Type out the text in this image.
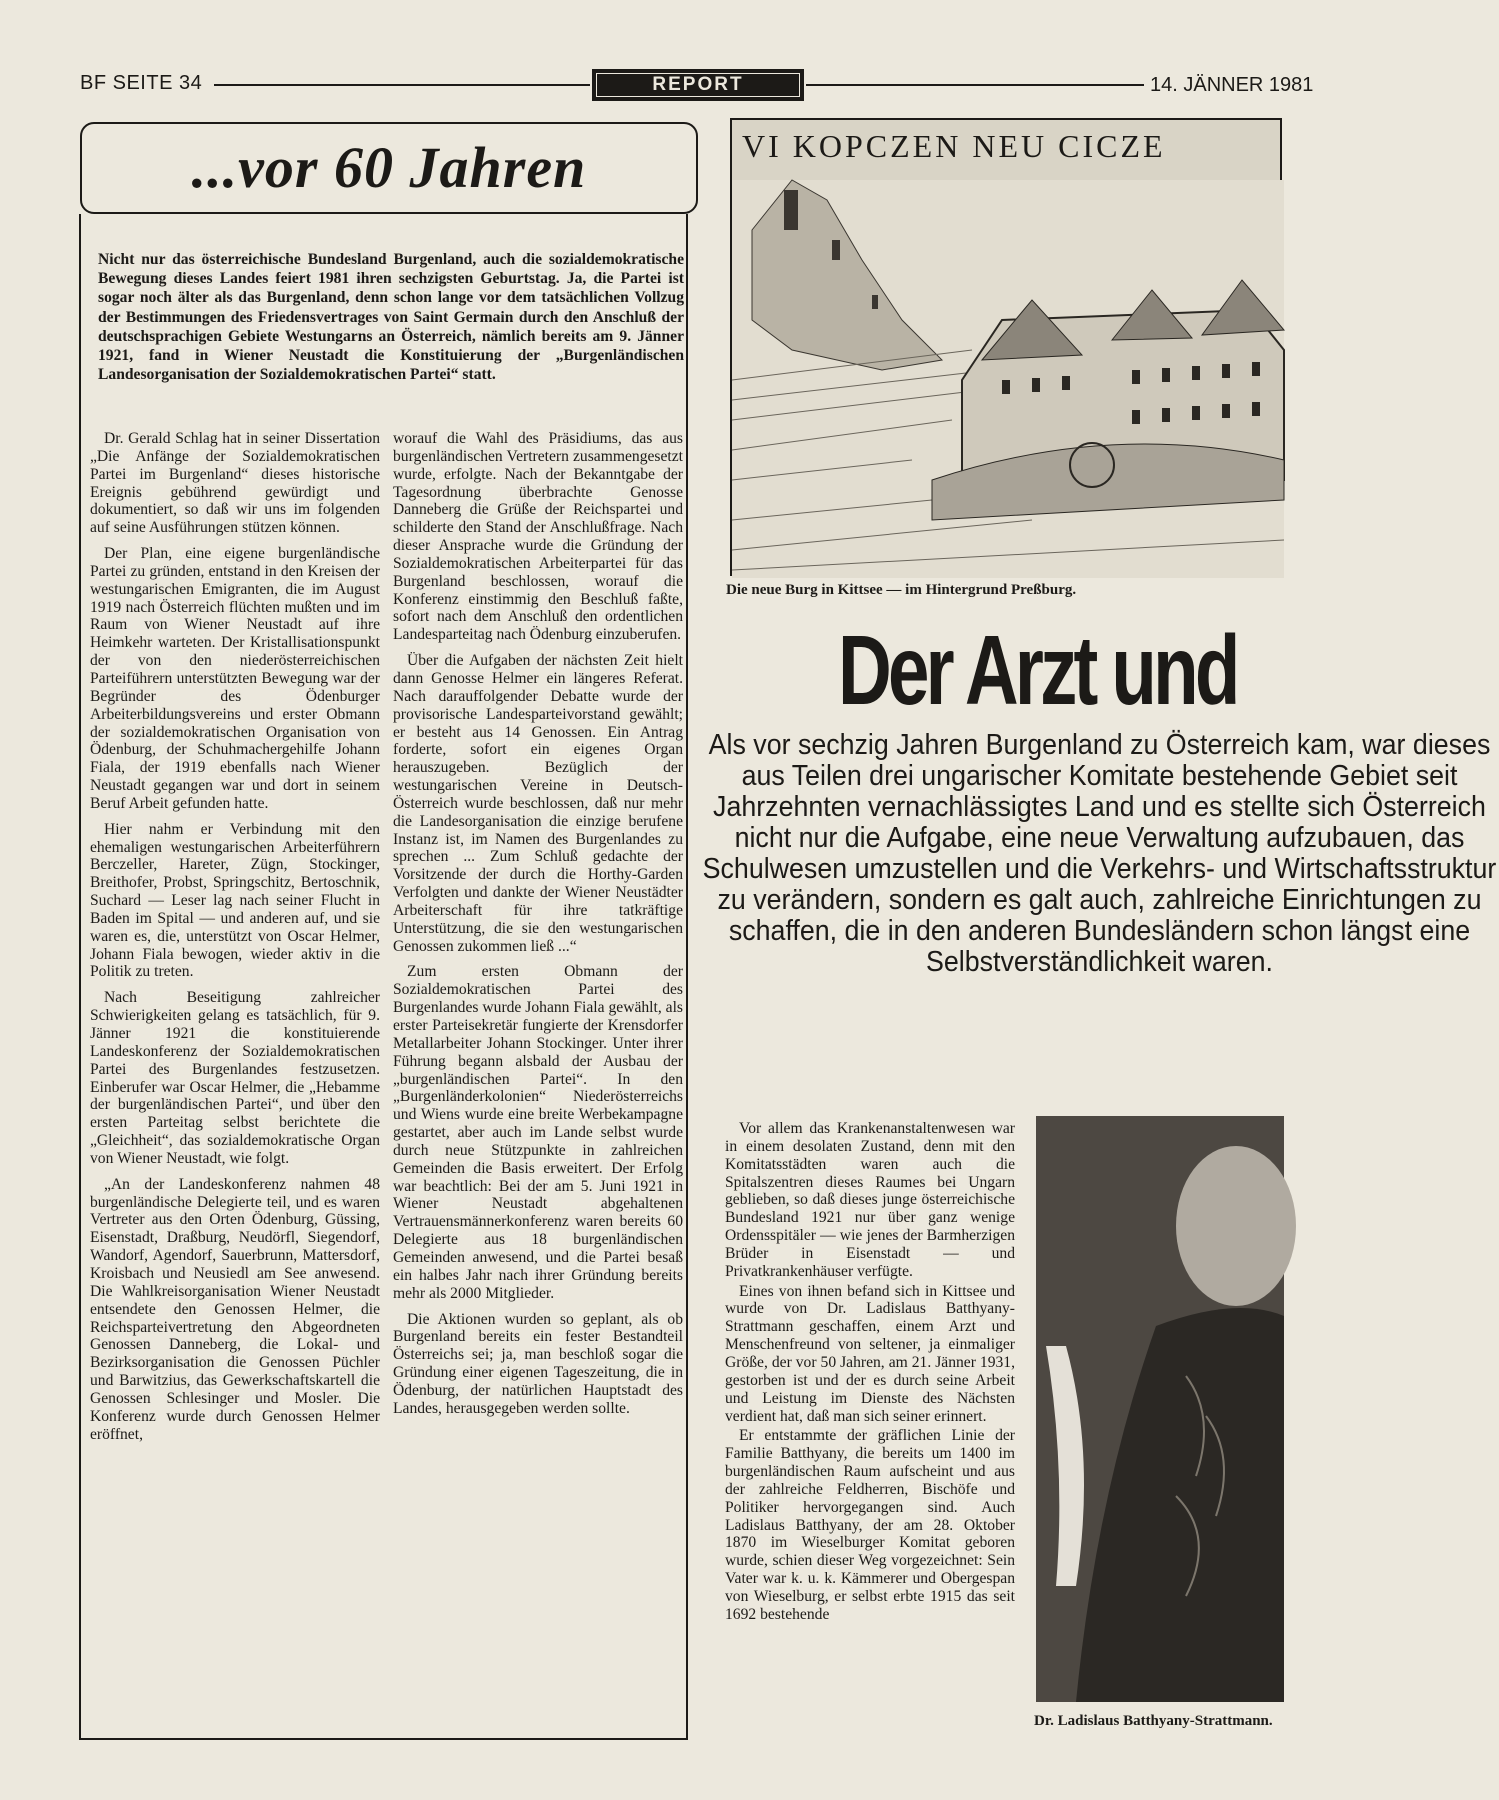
BF SEITE 34	REPORT	14. JÄNNER 1981
...vor 60 Jahren

Nicht nur das österreichische Bundesland Burgenland, auch die sozialdemokratische Bewegung dieses Landes feiert 1981 ihren sechzigsten Geburtstag. Ja, die Partei ist sogar noch älter als das Burgenland, denn schon lange vor dem tatsächlichen Vollzug der Bestimmungen des Friedensvertrages von Saint Germain durch den Anschluß der deutschsprachigen Gebiete Westungarns an Österreich, nämlich bereits am 9. Jänner 1921, fand in Wiener Neustadt die Konstituierung der „Burgenländischen Landesorganisation der Sozialdemokratischen Partei“ statt.

Dr. Gerald Schlag hat in seiner Dissertation „Die Anfänge der Sozialdemokratischen Partei im Burgenland“ dieses historische Ereignis gebührend gewürdigt und dokumentiert, so daß wir uns im folgenden auf seine Ausführungen stützen können.

Der Plan, eine eigene burgenländische Partei zu gründen, entstand in den Kreisen der westungarischen Emigranten, die im August 1919 nach Österreich flüchten mußten und im Raum von Wiener Neustadt auf ihre Heimkehr warteten. Der Kristallisationspunkt der von den niederösterreichischen Parteiführern unterstützten Bewegung war der Begründer des Ödenburger Arbeiterbildungsvereins und erster Obmann der sozialdemokratischen Organisation von Ödenburg, der Schuhmachergehilfe Johann Fiala, der 1919 ebenfalls nach Wiener Neustadt gegangen war und dort in seinem Beruf Arbeit gefunden hatte.

Hier nahm er Verbindung mit den ehemaligen westungarischen Arbeiterführern Berczeller, Hareter, Zügn, Stockinger, Breithofer, Probst, Springschitz, Bertoschnik, Suchard — Leser lag nach seiner Flucht in Baden im Spital — und anderen auf, und sie waren es, die, unterstützt von Oscar Helmer, Johann Fiala bewogen, wieder aktiv in die Politik zu treten.

Nach Beseitigung zahlreicher Schwierigkeiten gelang es tatsächlich, für 9. Jänner 1921 die konstituierende Landeskonferenz der Sozialdemokratischen Partei des Burgenlandes festzusetzen. Einberufer war Oscar Helmer, die „Hebamme der burgenländischen Partei“, und über den ersten Parteitag selbst berichtete die „Gleichheit“, das sozialdemokratische Organ von Wiener Neustadt, wie folgt.

„An der Landeskonferenz nahmen 48 burgenländische Delegierte teil, und es waren Vertreter aus den Orten Ödenburg, Güssing, Eisenstadt, Draßburg, Neudörfl, Siegendorf, Wandorf, Agendorf, Sauerbrunn, Mattersdorf, Kroisbach und Neusiedl am See anwesend. Die Wahlkreisorganisation Wiener Neustadt entsendete den Genossen Helmer, die Reichsparteivertretung den Abgeordneten Genossen Danneberg, die Lokal- und Bezirksorganisation die Genossen Püchler und Barwitzius, das Gewerkschaftskartell die Genossen Schlesinger und Mosler. Die Konferenz wurde durch Genossen Helmer eröffnet,

worauf die Wahl des Präsidiums, das aus burgenländischen Vertretern zusammengesetzt wurde, erfolgte. Nach der Bekanntgabe der Tagesordnung überbrachte Genosse Danneberg die Grüße der Reichspartei und schilderte den Stand der Anschlußfrage. Nach dieser Ansprache wurde die Gründung der Sozialdemokratischen Arbeiterpartei für das Burgenland beschlossen, worauf die Konferenz einstimmig den Beschluß faßte, sofort nach dem Anschluß den ordentlichen Landesparteitag nach Ödenburg einzuberufen.

Über die Aufgaben der nächsten Zeit hielt dann Genosse Helmer ein längeres Referat. Nach darauffolgender Debatte wurde der provisorische Landesparteivorstand gewählt; er besteht aus 14 Genossen. Ein Antrag forderte, sofort ein eigenes Organ herauszugeben. Bezüglich der westungarischen Vereine in Deutsch-Österreich wurde beschlossen, daß nur mehr die Landesorganisation die einzige berufene Instanz ist, im Namen des Burgenlandes zu sprechen ... Zum Schluß gedachte der Vorsitzende der durch die Horthy-Garden Verfolgten und dankte der Wiener Neustädter Arbeiterschaft für ihre tatkräftige Unterstützung, die sie den westungarischen Genossen zukommen ließ ...“

Zum ersten Obmann der Sozialdemokratischen Partei des Burgenlandes wurde Johann Fiala gewählt, als erster Parteisekretär fungierte der Krensdorfer Metallarbeiter Johann Stockinger. Unter ihrer Führung begann alsbald der Ausbau der „burgenländischen Partei“. In den „Burgenländerkolonien“ Niederösterreichs und Wiens wurde eine breite Werbekampagne gestartet, aber auch im Lande selbst wurde durch neue Stützpunkte in zahlreichen Gemeinden die Basis erweitert. Der Erfolg war beachtlich: Bei der am 5. Juni 1921 in Wiener Neustadt abgehaltenen Vertrauensmännerkonferenz waren bereits 60 Delegierte aus 18 burgenländischen Gemeinden anwesend, und die Partei besaß ein halbes Jahr nach ihrer Gründung bereits mehr als 2000 Mitglieder.

Die Aktionen wurden so geplant, als ob Burgenland bereits ein fester Bestandteil Österreichs sei; ja, man beschloß sogar die Gründung einer eigenen Tageszeitung, die in Ödenburg, der natürlichen Hauptstadt des Landes, herausgegeben werden sollte.

VI KOPCZEN NEU CICZE
Die neue Burg in Kittsee — im Hintergrund Preßburg.
Der Arzt und

Als vor sechzig Jahren Burgenland zu Österreich kam, war dieses aus Teilen drei ungarischer Komitate bestehende Gebiet seit Jahrzehnten vernachlässigtes Land und es stellte sich Österreich nicht nur die Aufgabe, eine neue Verwaltung aufzubauen, das Schulwesen umzustellen und die Verkehrs- und Wirtschaftsstruktur zu verändern, sondern es galt auch, zahlreiche Einrichtungen zu schaffen, die in den anderen Bundesländern schon längst eine Selbstverständlichkeit waren.

Vor allem das Krankenanstaltenwesen war in einem desolaten Zustand, denn mit den Komitatsstädten waren auch die Spitalszentren dieses Raumes bei Ungarn geblieben, so daß dieses junge österreichische Bundesland 1921 nur über ganz wenige Ordensspitäler — wie jenes der Barmherzigen Brüder in Eisenstadt — und Privatkrankenhäuser verfügte.

Eines von ihnen befand sich in Kittsee und wurde von Dr. Ladislaus Batthyany-Strattmann geschaffen, einem Arzt und Menschenfreund von seltener, ja einmaliger Größe, der vor 50 Jahren, am 21. Jänner 1931, gestorben ist und der es durch seine Arbeit und Leistung im Dienste des Nächsten verdient hat, daß man sich seiner erinnert.

Er entstammte der gräflichen Linie der Familie Batthyany, die bereits um 1400 im burgenländischen Raum aufscheint und aus der zahlreiche Feldherren, Bischöfe und Politiker hervorgegangen sind. Auch Ladislaus Batthyany, der am 28. Oktober 1870 im Wieselburger Komitat geboren wurde, schien dieser Weg vorgezeichnet: Sein Vater war k. u. k. Kämmerer und Obergespan von Wieselburg, er selbst erbte 1915 das seit 1692 bestehende

Dr. Ladislaus Batthyany-Strattmann.
